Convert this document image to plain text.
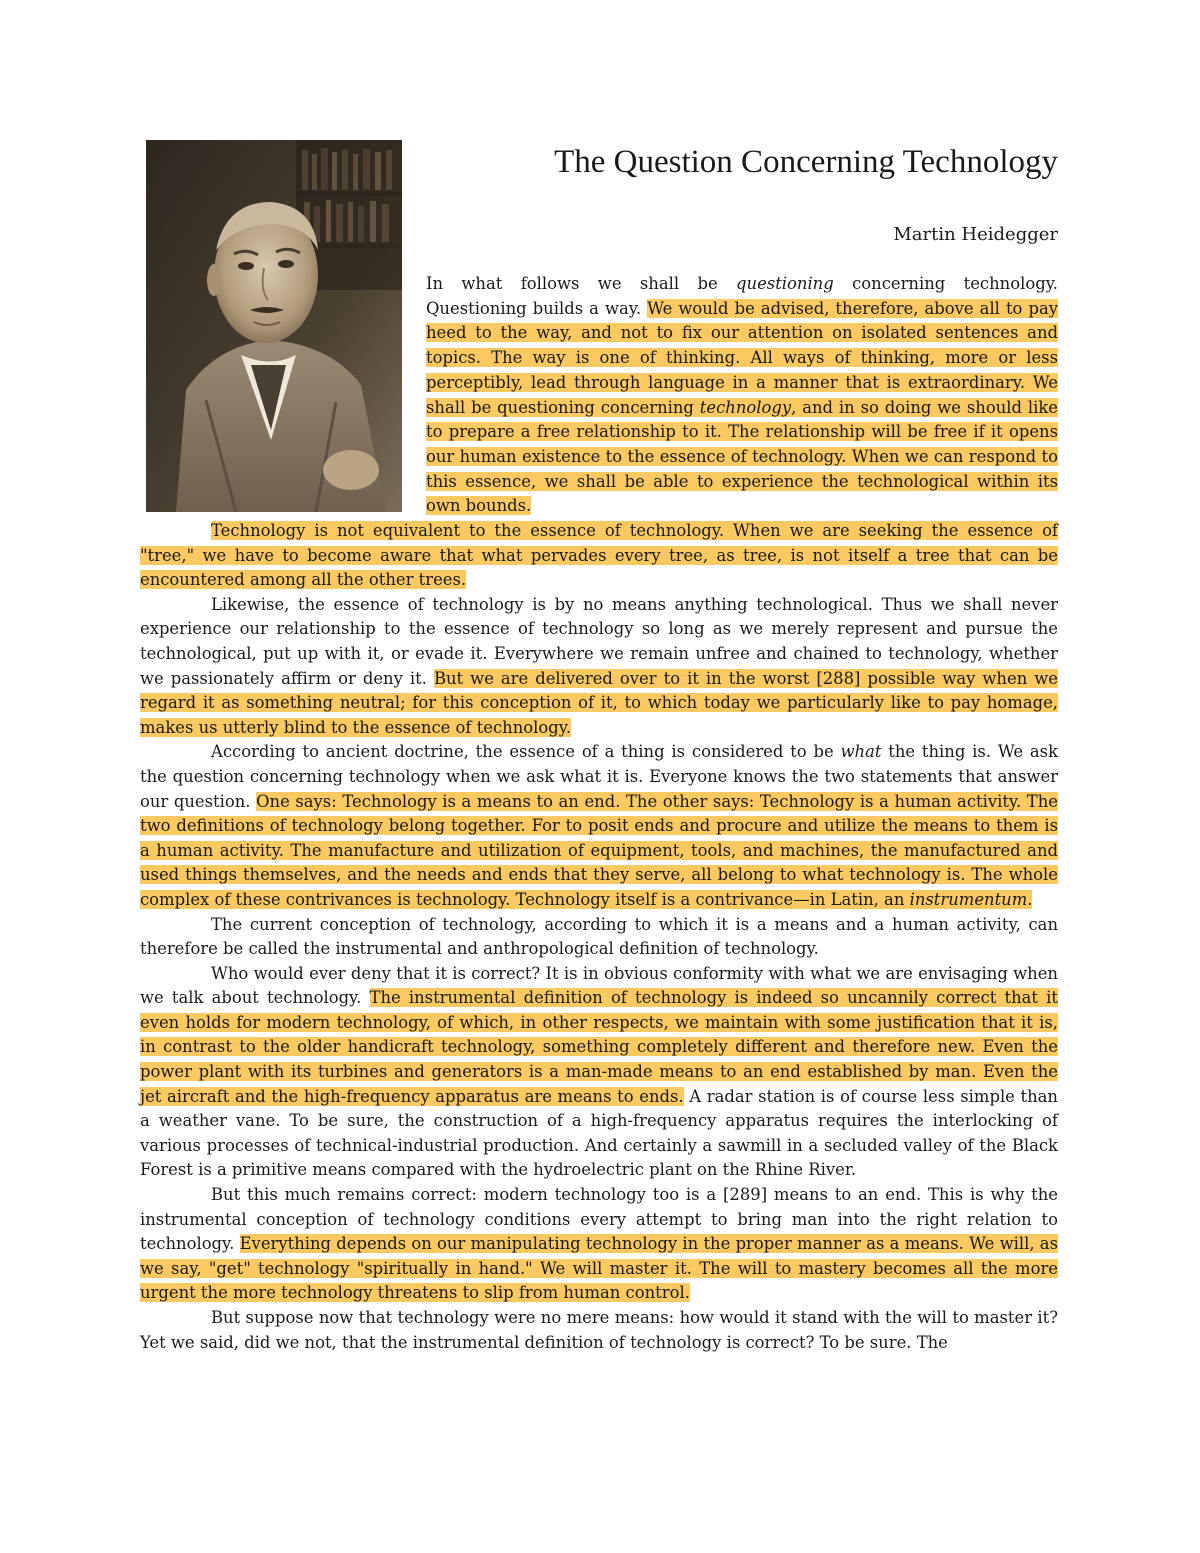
The Question Concerning Technology
Martin Heidegger

In what follows we shall be questioning concerning technology. Questioning builds a way. We would be advised, therefore, above all to pay heed to the way, and not to fix our attention on isolated sentences and topics. The way is one of thinking. All ways of thinking, more or less perceptibly, lead through language in a manner that is extraordinary. We shall be questioning concerning technology, and in so doing we should like to prepare a free relationship to it. The relationship will be free if it opens our human existence to the essence of technology. When we can respond to this essence, we shall be able to experience the technological within its own bounds.

Technology is not equivalent to the essence of technology. When we are seeking the essence of "tree," we have to become aware that what pervades every tree, as tree, is not itself a tree that can be encountered among all the other trees.

Likewise, the essence of technology is by no means anything technological. Thus we shall never experience our relationship to the essence of technology so long as we merely represent and pursue the technological, put up with it, or evade it. Everywhere we remain unfree and chained to technology, whether we passionately affirm or deny it. But we are delivered over to it in the worst [288] possible way when we regard it as something neutral; for this conception of it, to which today we particularly like to pay homage, makes us utterly blind to the essence of technology.

According to ancient doctrine, the essence of a thing is considered to be what the thing is. We ask the question concerning technology when we ask what it is. Everyone knows the two statements that answer our question. One says: Technology is a means to an end. The other says: Technology is a human activity. The two definitions of technology belong together. For to posit ends and procure and utilize the means to them is a human activity. The manufacture and utilization of equipment, tools, and machines, the manufactured and used things themselves, and the needs and ends that they serve, all belong to what technology is. The whole complex of these contrivances is technology. Technology itself is a contrivance—in Latin, an instrumentum.

The current conception of technology, according to which it is a means and a human activity, can therefore be called the instrumental and anthropological definition of technology.

Who would ever deny that it is correct? It is in obvious conformity with what we are envisaging when we talk about technology. The instrumental definition of technology is indeed so uncannily correct that it even holds for modern technology, of which, in other respects, we maintain with some justification that it is, in contrast to the older handicraft technology, something completely different and therefore new. Even the power plant with its turbines and generators is a man-made means to an end established by man. Even the jet aircraft and the high-frequency apparatus are means to ends. A radar station is of course less simple than a weather vane. To be sure, the construction of a high-frequency apparatus requires the interlocking of various processes of technical-industrial production. And certainly a sawmill in a secluded valley of the Black Forest is a primitive means compared with the hydroelectric plant on the Rhine River.

But this much remains correct: modern technology too is a [289] means to an end. This is why the instrumental conception of technology conditions every attempt to bring man into the right relation to technology. Everything depends on our manipulating technology in the proper manner as a means. We will, as we say, "get" technology "spiritually in hand." We will master it. The will to mastery becomes all the more urgent the more technology threatens to slip from human control.

But suppose now that technology were no mere means: how would it stand with the will to master it? Yet we said, did we not, that the instrumental definition of technology is correct? To be sure. The
